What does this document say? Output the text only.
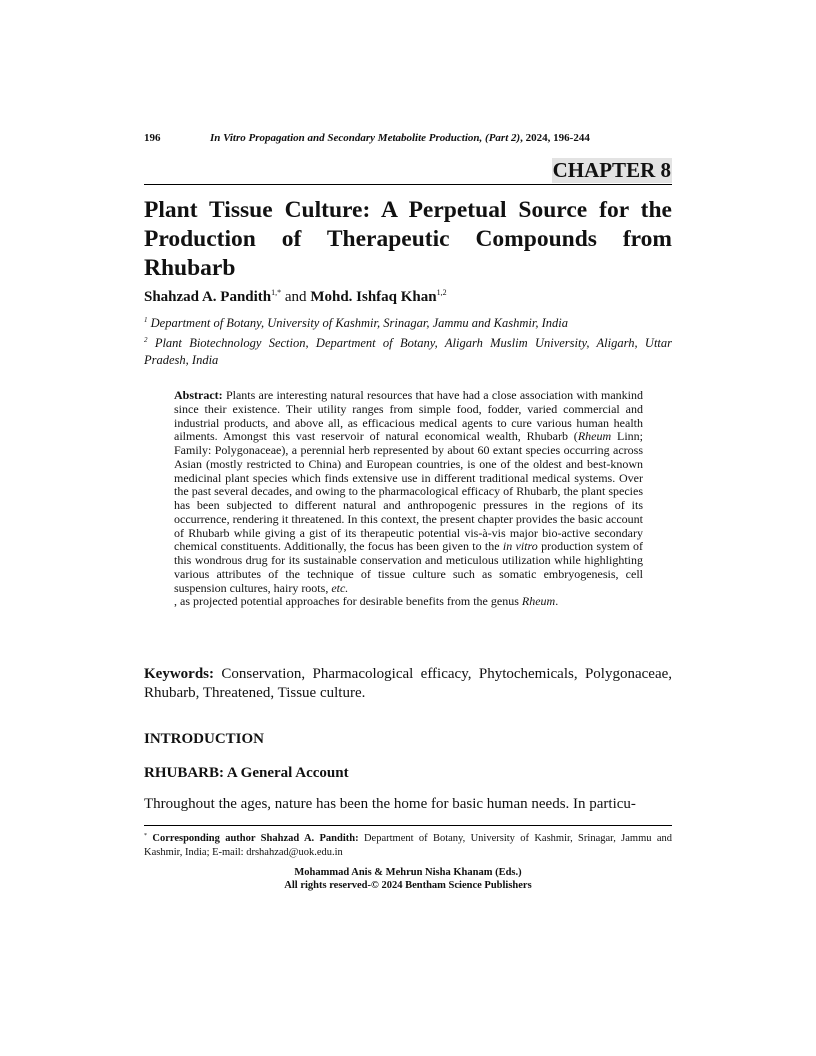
196	In Vitro Propagation and Secondary Metabolite Production, (Part 2), 2024, 196-244
CHAPTER 8
Plant Tissue Culture: A Perpetual Source for the Production of Therapeutic Compounds from Rhubarb
Shahzad A. Pandith$^{1,*}$ and Mohd. Ishfaq Khan$^{1,2}$
$^1$ Department of Botany, University of Kashmir, Srinagar, Jammu and Kashmir, India
$^2$ Plant Biotechnology Section, Department of Botany, Aligarh Muslim University, Aligarh, Uttar Pradesh, India

Abstract: Plants are interesting natural resources that have had a close association with mankind since their existence. Their utility ranges from simple food, fodder, varied commercial and industrial products, and above all, as efficacious medical agents to cure various human health ailments. Amongst this vast reservoir of natural economical wealth, Rhubarb (Rheum Linn; Family: Polygonaceae), a perennial herb represented by about 60 extant species occurring across Asian (mostly restricted to China) and European countries, is one of the oldest and best-known medicinal plant species which finds extensive use in different traditional medical systems. Over the past several decades, and owing to the pharmacological efficacy of Rhubarb, the plant species has been subjected to different natural and anthropogenic pressures in the regions of its occurrence, rendering it threatened. In this context, the present chapter provides the basic account of Rhubarb while giving a gist of its therapeutic potential vis-à-vis major bio-active secondary chemical constituents. Additionally, the focus has been given to the in vitro production system of this wondrous drug for its sustainable conservation and meticulous utilization while highlighting various attributes of the technique of tissue culture such as somatic embryogenesis, cell suspension cultures, hairy roots, etc.
, as projected potential approaches for desirable benefits from the genus Rheum.

Keywords: Conservation, Pharmacological efficacy, Phytochemicals, Polygonaceae, Rhubarb, Threatened, Tissue culture.

INTRODUCTION
RHUBARB: A General Account

Throughout the ages, nature has been the home for basic human needs. In particu-

* Corresponding author Shahzad A. Pandith: Department of Botany, University of Kashmir, Srinagar, Jammu and Kashmir, India; E-mail: drshahzad@uok.edu.in

Mohammad Anis & Mehrun Nisha Khanam (Eds.)
All rights reserved-© 2024 Bentham Science Publishers
